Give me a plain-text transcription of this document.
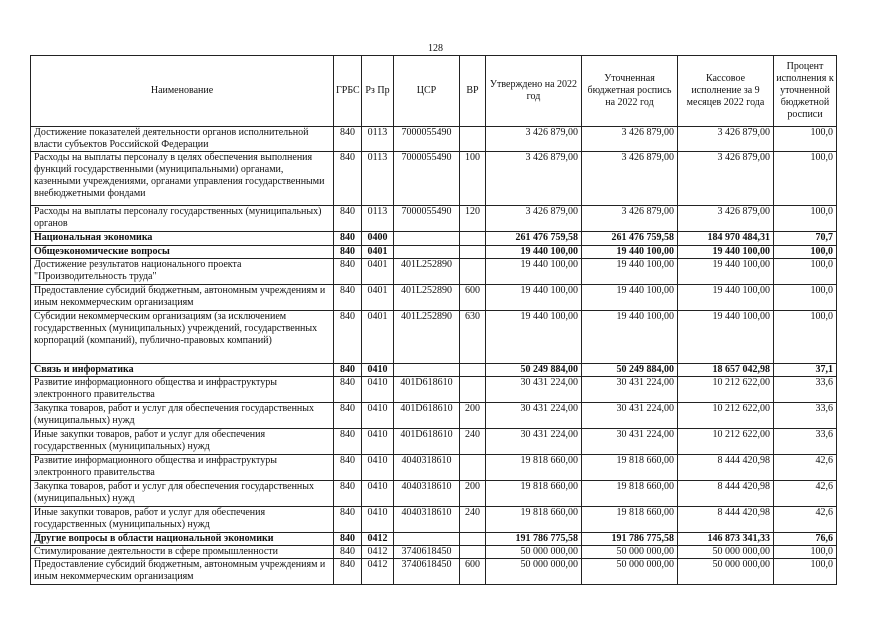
128
Наименование	ГРБС	Рз Пр	ЦСР	ВР	Утверждено на 2022 год	Уточненная бюджетная роспись на 2022 год	Кассовое исполнение за 9 месяцев 2022 года	Процент исполнения к уточненной бюджетной росписи
Достижение показателей деятельности органов исполнительной власти субъектов Российской Федерации	840	0113	7000055490		3 426 879,00	3 426 879,00	3 426 879,00	100,0
Расходы на выплаты персоналу в целях обеспечения выполнения функций государственными (муниципальными) органами, казенными учреждениями, органами управления государственными внебюджетными фондами	840	0113	7000055490	100	3 426 879,00	3 426 879,00	3 426 879,00	100,0
Расходы на выплаты персоналу государственных (муниципальных) органов	840	0113	7000055490	120	3 426 879,00	3 426 879,00	3 426 879,00	100,0
Национальная экономика	840	0400			261 476 759,58	261 476 759,58	184 970 484,31	70,7
Общеэкономические вопросы	840	0401			19 440 100,00	19 440 100,00	19 440 100,00	100,0
Достижение результатов национального проекта "Производительность труда"	840	0401	401L252890		19 440 100,00	19 440 100,00	19 440 100,00	100,0
Предоставление субсидий бюджетным, автономным учреждениям и иным некоммерческим организациям	840	0401	401L252890	600	19 440 100,00	19 440 100,00	19 440 100,00	100,0
Субсидии некоммерческим организациям (за исключением государственных (муниципальных) учреждений, государственных корпораций (компаний), публично-правовых компаний)	840	0401	401L252890	630	19 440 100,00	19 440 100,00	19 440 100,00	100,0
Связь и информатика	840	0410			50 249 884,00	50 249 884,00	18 657 042,98	37,1
Развитие информационного общества и инфраструктуры электронного правительства	840	0410	401D618610		30 431 224,00	30 431 224,00	10 212 622,00	33,6
Закупка товаров, работ и услуг для обеспечения государственных (муниципальных) нужд	840	0410	401D618610	200	30 431 224,00	30 431 224,00	10 212 622,00	33,6
Иные закупки товаров, работ и услуг для обеспечения государственных (муниципальных) нужд	840	0410	401D618610	240	30 431 224,00	30 431 224,00	10 212 622,00	33,6
Развитие информационного общества и инфраструктуры электронного правительства	840	0410	4040318610		19 818 660,00	19 818 660,00	8 444 420,98	42,6
Закупка товаров, работ и услуг для обеспечения государственных (муниципальных) нужд	840	0410	4040318610	200	19 818 660,00	19 818 660,00	8 444 420,98	42,6
Иные закупки товаров, работ и услуг для обеспечения государственных (муниципальных) нужд	840	0410	4040318610	240	19 818 660,00	19 818 660,00	8 444 420,98	42,6
Другие вопросы в области национальной экономики	840	0412			191 786 775,58	191 786 775,58	146 873 341,33	76,6
Стимулирование деятельности в сфере промышленности	840	0412	3740618450		50 000 000,00	50 000 000,00	50 000 000,00	100,0
Предоставление субсидий бюджетным, автономным учреждениям и иным некоммерческим организациям	840	0412	3740618450	600	50 000 000,00	50 000 000,00	50 000 000,00	100,0
